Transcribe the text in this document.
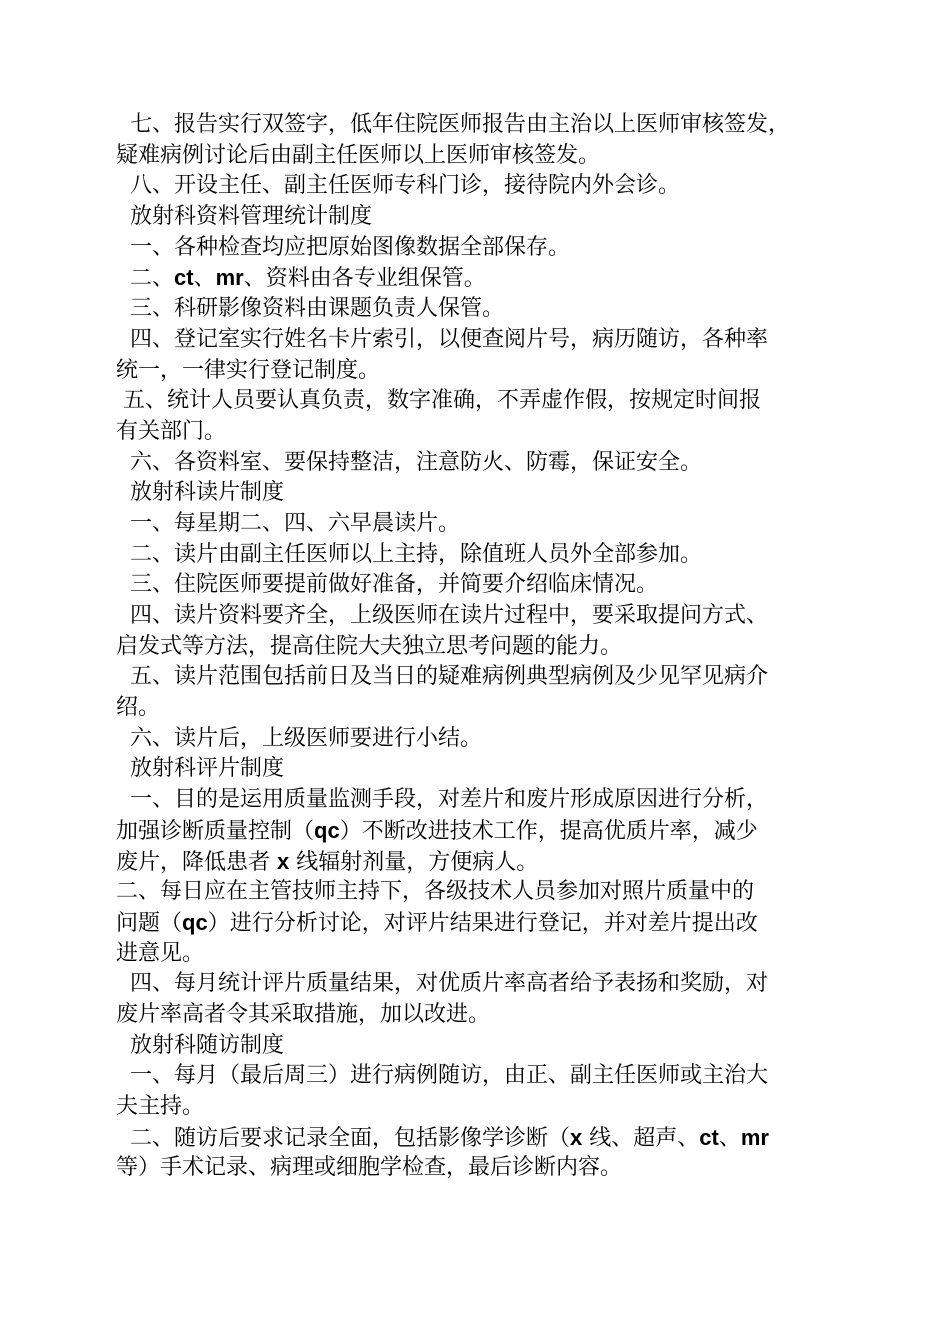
七、报告实行双签字，低年住院医师报告由主治以上医师审核签发，
疑难病例讨论后由副主任医师以上医师审核签发。
八、开设主任、副主任医师专科门诊，接待院内外会诊。
放射科资料管理统计制度
一、各种检查均应把原始图像数据全部保存。
二、ct、mr、资料由各专业组保管。
三、科研影像资料由课题负责人保管。
四、登记室实行姓名卡片索引，以便查阅片号，病历随访，各种率
统一，一律实行登记制度。
五、统计人员要认真负责，数字准确，不弄虚作假，按规定时间报
有关部门。
六、各资料室、要保持整洁，注意防火、防霉，保证安全。
放射科读片制度
一、每星期二、四、六早晨读片。
二、读片由副主任医师以上主持，除值班人员外全部参加。
三、住院医师要提前做好准备，并简要介绍临床情况。
四、读片资料要齐全，上级医师在读片过程中，要采取提问方式、
启发式等方法，提高住院大夫独立思考问题的能力。
五、读片范围包括前日及当日的疑难病例典型病例及少见罕见病介
绍。
六、读片后，上级医师要进行小结。
放射科评片制度
一、目的是运用质量监测手段，对差片和废片形成原因进行分析，
加强诊断质量控制（qc）不断改进技术工作，提高优质片率，减少
废片，降低患者 x 线辐射剂量，方便病人。
二、每日应在主管技师主持下，各级技术人员参加对照片质量中的
问题（qc）进行分析讨论，对评片结果进行登记，并对差片提出改
进意见。
四、每月统计评片质量结果，对优质片率高者给予表扬和奖励，对
废片率高者令其采取措施，加以改进。
放射科随访制度
一、每月（最后周三）进行病例随访，由正、副主任医师或主治大
夫主持。
二、随访后要求记录全面，包括影像学诊断（x 线、超声、ct、mr
等）手术记录、病理或细胞学检查，最后诊断内容。
